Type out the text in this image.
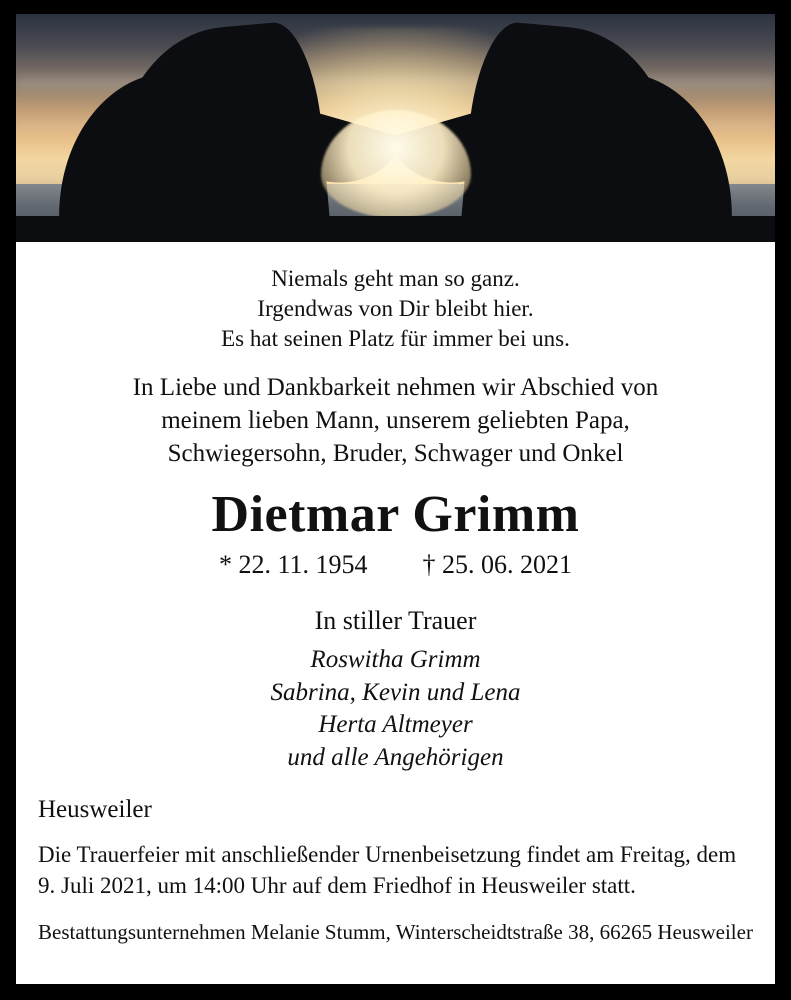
Niemals geht man so ganz.
Irgendwas von Dir bleibt hier.
Es hat seinen Platz für immer bei uns.
In Liebe und Dankbarkeit nehmen wir Abschied von
meinem lieben Mann, unserem geliebten Papa,
Schwiegersohn, Bruder, Schwager und Onkel
Dietmar Grimm
* 22. 11. 1954 † 25. 06. 2021
In stiller Trauer
Roswitha Grimm
Sabrina, Kevin und Lena
Herta Altmeyer
und alle Angehörigen
Heusweiler
Die Trauerfeier mit anschließender Urnenbeisetzung findet am Freitag, dem 9. Juli 2021, um 14:00 Uhr auf dem Friedhof in Heusweiler statt.
Bestattungsunternehmen Melanie Stumm, Winterscheidtstraße 38, 66265 Heusweiler
